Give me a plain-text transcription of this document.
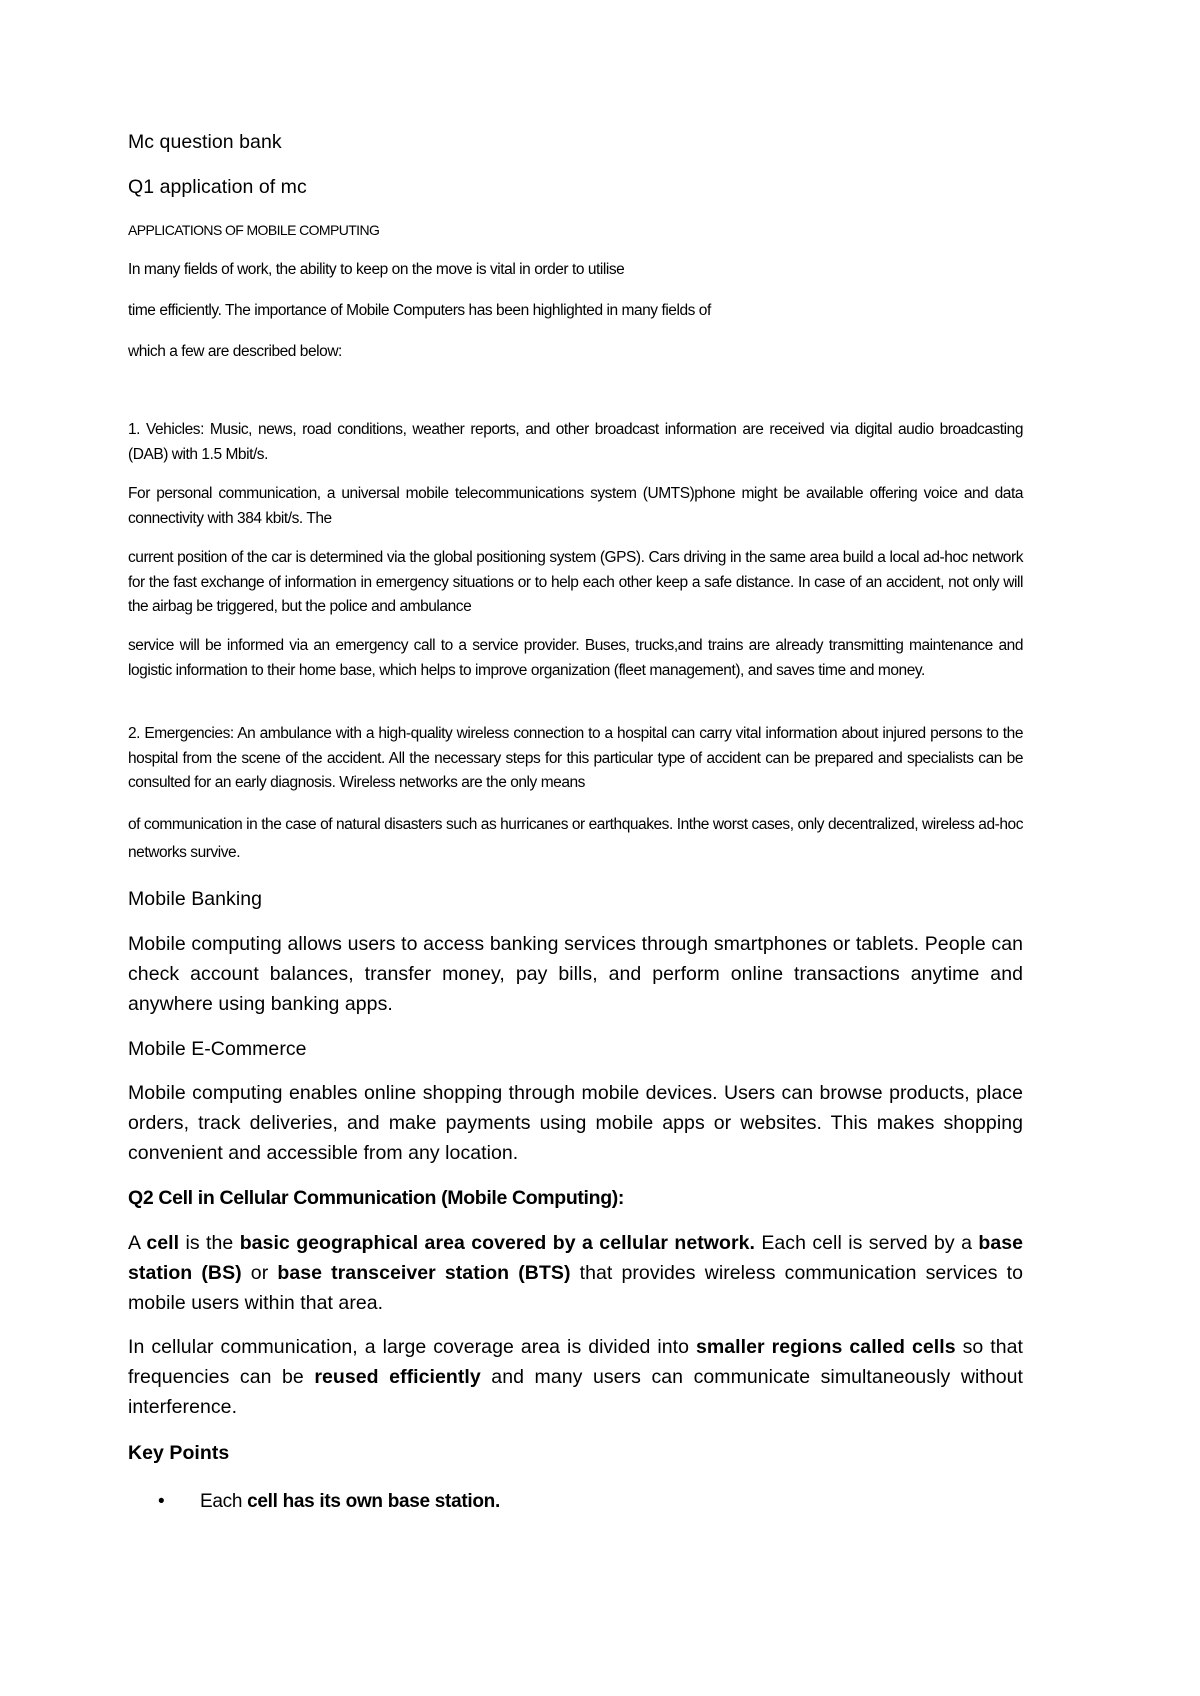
Mc question bank

Q1 application of mc

APPLICATIONS OF MOBILE COMPUTING

In many fields of work, the ability to keep on the move is vital in order to utilise

time efficiently. The importance of Mobile Computers has been highlighted in many fields of

which a few are described below:

1. Vehicles: Music, news, road conditions, weather reports, and other broadcast information are received via digital audio broadcasting (DAB) with 1.5 Mbit/s.

For personal communication, a universal mobile telecommunications system (UMTS)phone might be available offering voice and data connectivity with 384 kbit/s. The

current position of the car is determined via the global positioning system (GPS). Cars driving in the same area build a local ad-hoc network for the fast exchange of information in emergency situations or to help each other keep a safe distance. In case of an accident, not only will the airbag be triggered, but the police and ambulance

service will be informed via an emergency call to a service provider. Buses, trucks,and trains are already transmitting maintenance and logistic information to their home base, which helps to improve organization (fleet management), and saves time and money.

2. Emergencies: An ambulance with a high-quality wireless connection to a hospital can carry vital information about injured persons to the hospital from the scene of the accident. All the necessary steps for this particular type of accident can be prepared and specialists can be consulted for an early diagnosis. Wireless networks are the only means

of communication in the case of natural disasters such as hurricanes or earthquakes. Inthe worst cases, only decentralized, wireless ad-hoc networks survive.

Mobile Banking

Mobile computing allows users to access banking services through smartphones or tablets. People can check account balances, transfer money, pay bills, and perform online transactions anytime and anywhere using banking apps.

Mobile E-Commerce

Mobile computing enables online shopping through mobile devices. Users can browse products, place orders, track deliveries, and make payments using mobile apps or websites. This makes shopping convenient and accessible from any location.

Q2 Cell in Cellular Communication (Mobile Computing):

A cell is the basic geographical area covered by a cellular network. Each cell is served by a base station (BS) or base transceiver station (BTS) that provides wireless communication services to mobile users within that area.

In cellular communication, a large coverage area is divided into smaller regions called cells so that frequencies can be reused efficiently and many users can communicate simultaneously without interference.

Key Points

• Each cell has its own base station.
